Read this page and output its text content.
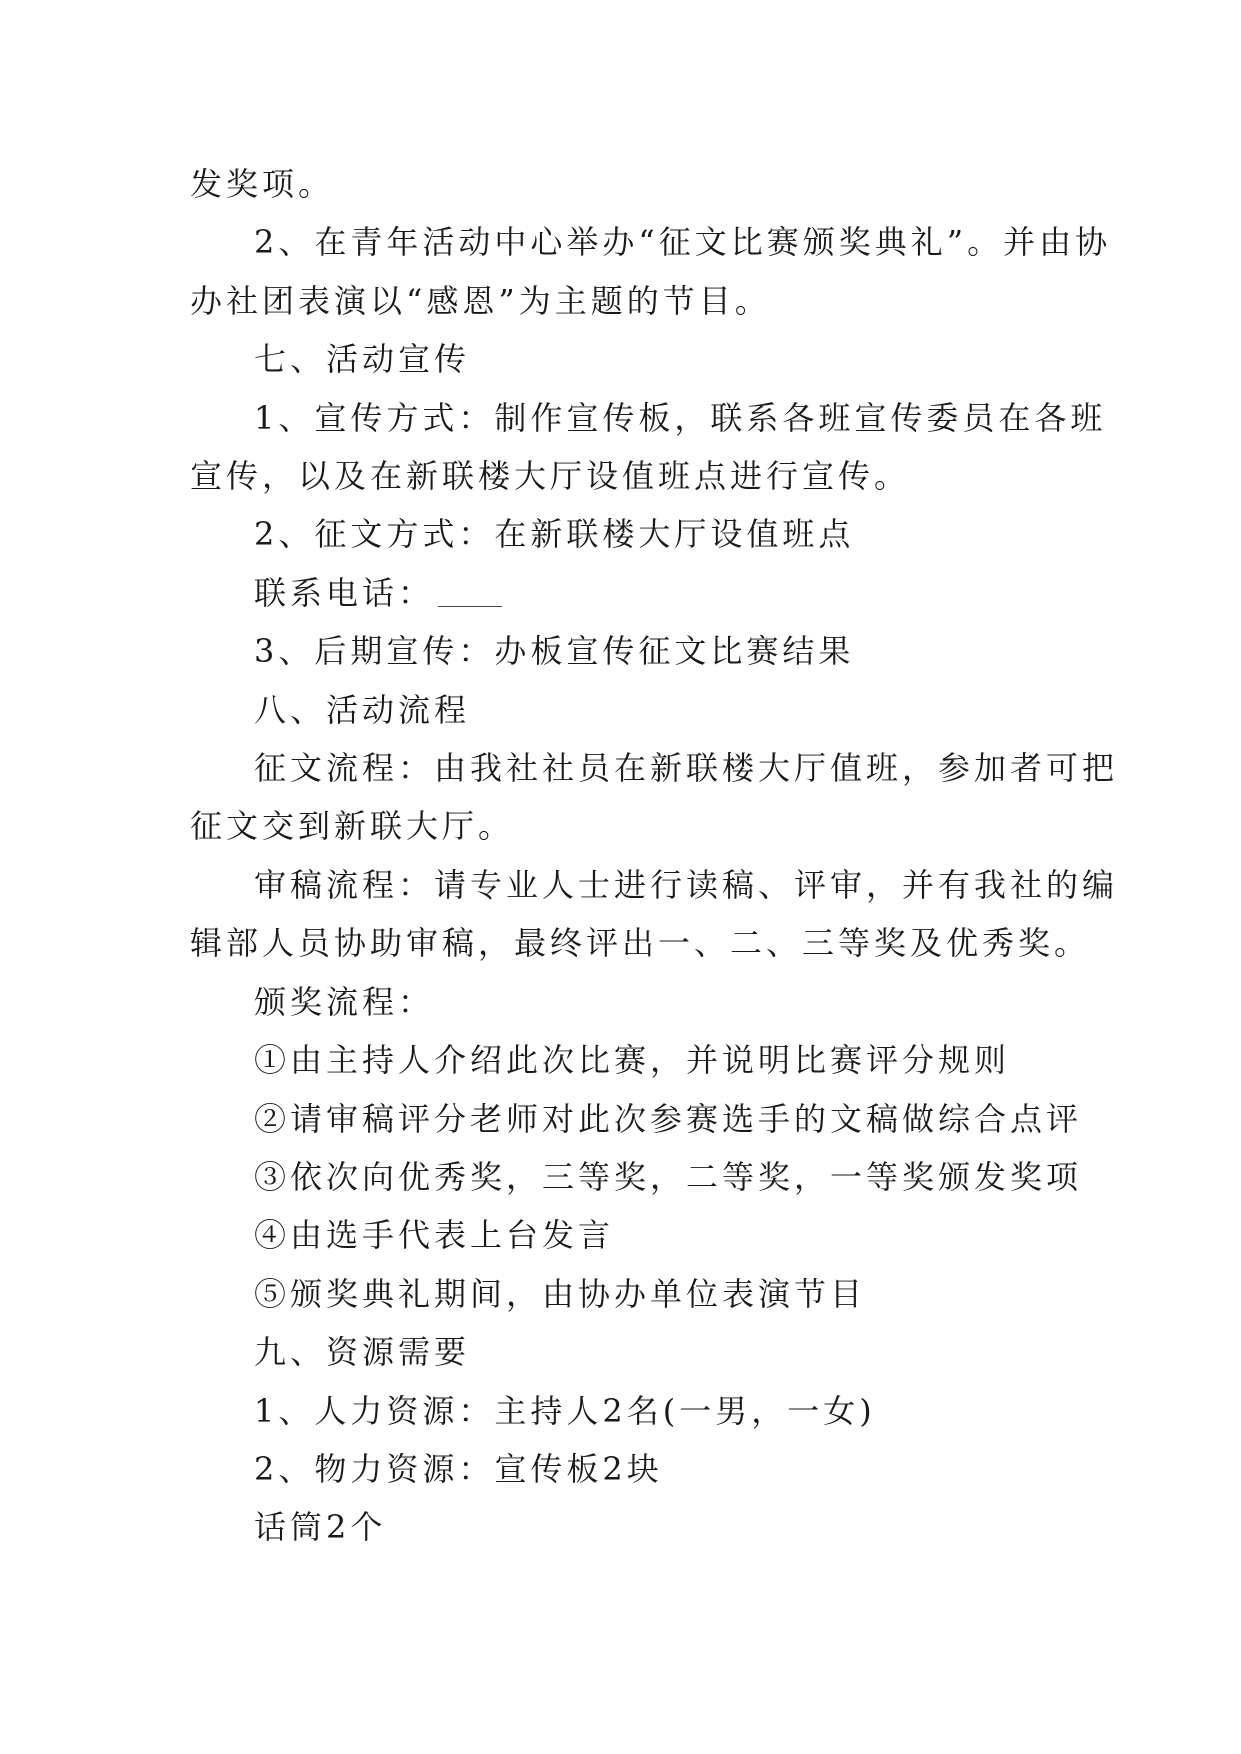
发奖项。
2、在青年活动中心举办“征文比赛颁奖典礼”。并由协
办社团表演以“感恩”为主题的节目。
七、活动宣传
1、宣传方式：制作宣传板，联系各班宣传委员在各班
宣传，以及在新联楼大厅设值班点进行宣传。
2、征文方式：在新联楼大厅设值班点
联系电话：
3、后期宣传：办板宣传征文比赛结果
八、活动流程
征文流程：由我社社员在新联楼大厅值班，参加者可把
征文交到新联大厅。
审稿流程：请专业人士进行读稿、评审，并有我社的编
辑部人员协助审稿，最终评出一、二、三等奖及优秀奖。
颁奖流程：
①由主持人介绍此次比赛，并说明比赛评分规则
②请审稿评分老师对此次参赛选手的文稿做综合点评
③依次向优秀奖，三等奖，二等奖，一等奖颁发奖项
④由选手代表上台发言
⑤颁奖典礼期间，由协办单位表演节目
九、资源需要
1、人力资源：主持人2名(一男，一女)
2、物力资源：宣传板2块
话筒2个
